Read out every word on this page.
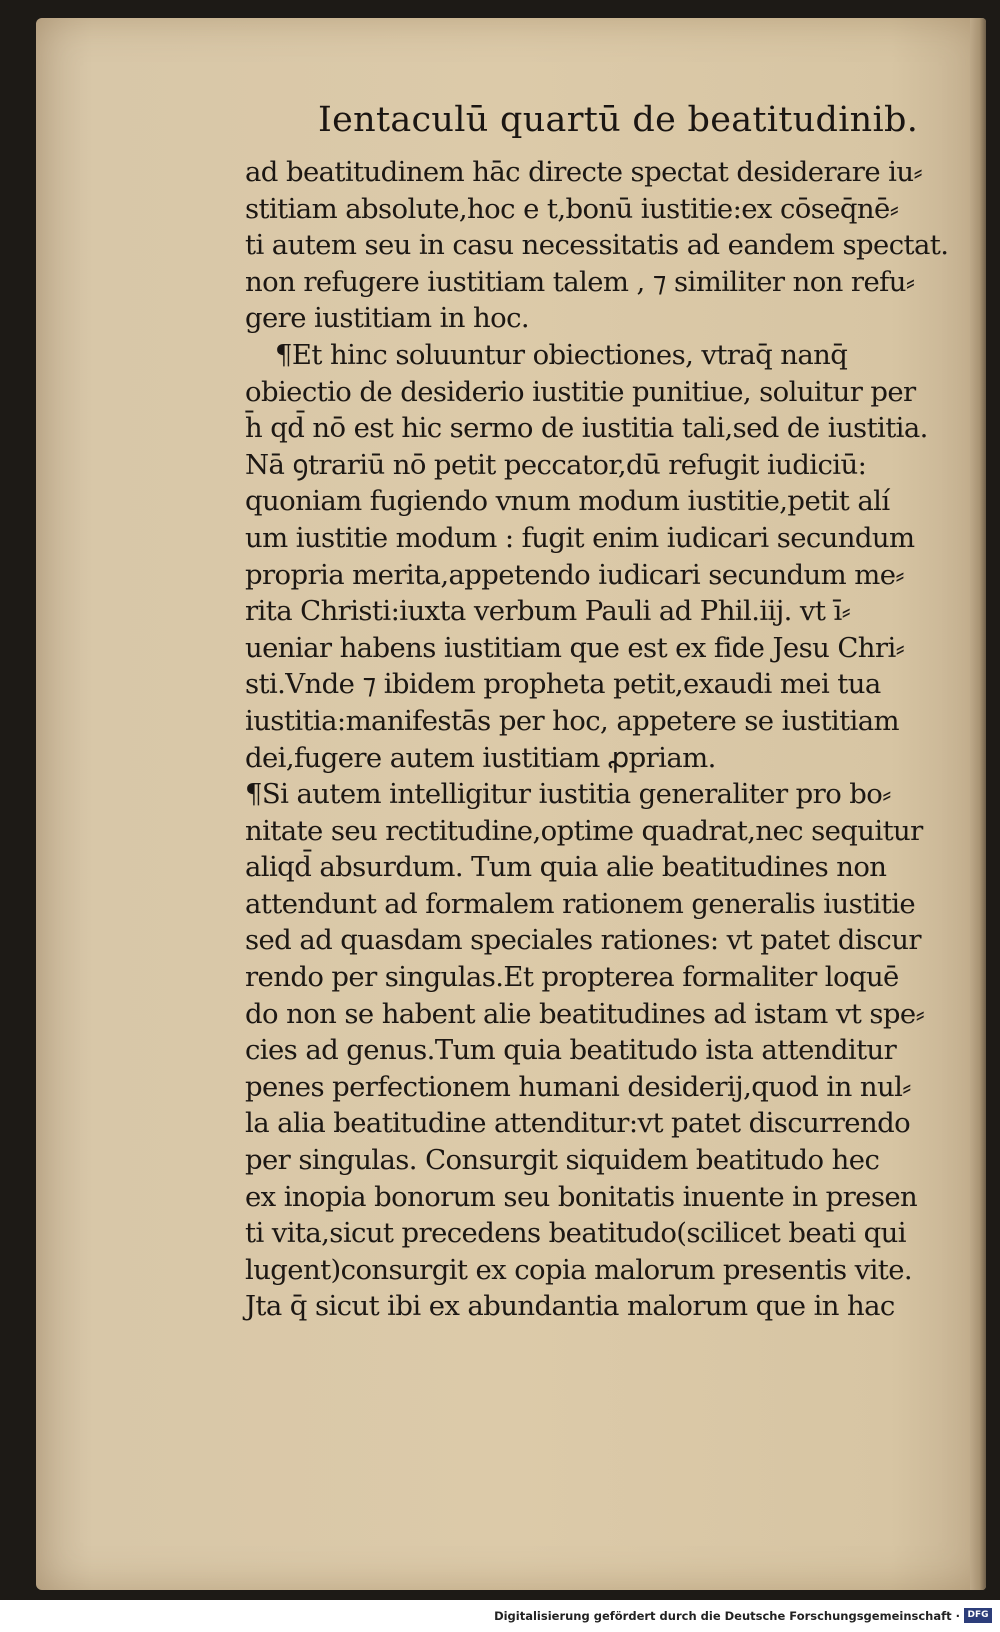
Ientaculū quartū de beatitudinib.
ad beatitudinem hāc directe spectat desiderare iu⸗
stitiam absolute,hoc e t,bonū iustitie:ex cōseq̄nē⸗
ti autem seu in casu necessitatis ad eandem spectat.
non refugere iustitiam talem , ⁊ similiter non refu⸗
gere iustitiam in hoc.
¶Et hinc soluuntur obiectiones, vtraq̄ nanq̄
obiectio de desiderio iustitie punitiue, soluitur per
h̄ qd̄ nō est hic sermo de iustitia tali,sed de iustitia.
Nā ꝯtrariū nō petit peccator,dū refugit iudiciū:
quoniam fugiendo vnum modum iustitie,petit alí
um iustitie modum : fugit enim iudicari secundum
propria merita,appetendo iudicari secundum me⸗
rita Christi:iuxta verbum Pauli ad Phil.iij. vt ī⸗
ueniar habens iustitiam que est ex fide Jesu Chri⸗
sti.Vnde ⁊ ibidem propheta petit,exaudi mei tua
iustitia:manifestās per hoc, appetere se iustitiam
dei,fugere autem iustitiam ꝓpriam.
¶Si autem intelligitur iustitia generaliter pro bo⸗
nitate seu rectitudine,optime quadrat,nec sequitur
aliqd̄ absurdum. Tum quia alie beatitudines non
attendunt ad formalem rationem generalis iustitie
sed ad quasdam speciales rationes: vt patet discur
rendo per singulas.Et propterea formaliter loquē
do non se habent alie beatitudines ad istam vt spe⸗
cies ad genus.Tum quia beatitudo ista attenditur
penes perfectionem humani desiderij,quod in nul⸗
la alia beatitudine attenditur:vt patet discurrendo
per singulas. Consurgit siquidem beatitudo hec
ex inopia bonorum seu bonitatis inuente in presen
ti vita,sicut precedens beatitudo(scilicet beati qui
lugent)consurgit ex copia malorum presentis vite.
Jta q̄ sicut ibi ex abundantia malorum que in hac
Digitalisierung gefördert durch die Deutsche Forschungsgemeinschaft · DFG
